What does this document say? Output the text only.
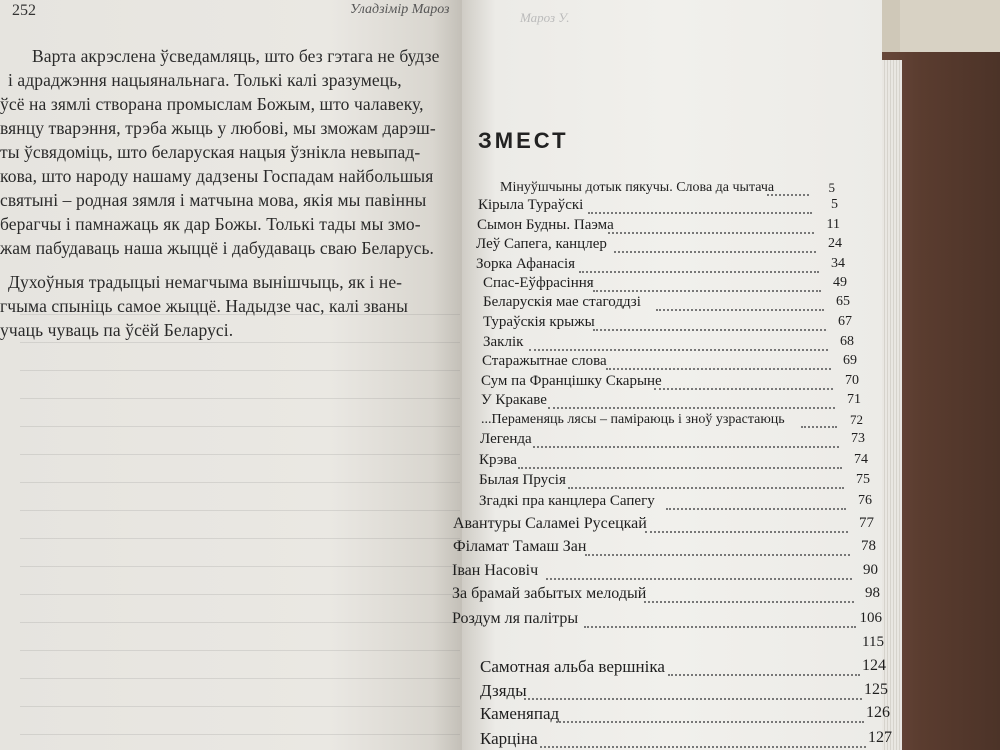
252	Уладзімір Мароз
Варта акрэслена ўсведамляць, што без гэтага не будзе
і адраджэння нацыянальнага. Толькі калі зразумець,
ўсё на зямлі створана промыслам Божым, што чалавеку,
вянцу тварэння, трэба жыць у любові, мы зможам дарэш-
ты ўсвядоміць, што беларуская нацыя ўзнікла невыпад-
кова, што народу нашаму дадзены Госпадам найбольшыя
святыні – родная зямля і матчына мова, якія мы павінны
берагчы і памнажаць як дар Божы. Толькі тады мы змо-
жам пабудаваць наша жыццё і дабудаваць сваю Беларусь.
Духоўныя традыцыі немагчыма вынішчыць, як і не-
гчыма спыніць самое жыццё. Надыдзе час, калі званы
учаць чуваць па ўсёй Беларусі.
Мароз У.
ЗМЕСТ
Мінуўшчыны дотык пякучы. Слова да чытача	5
Кірыла Тураўскі	5
Сымон Будны. Паэма	11
Леў Сапега, канцлер	24
Зорка Афанасія	34
Спас-Еўфрасіння	49
Беларускія мае стагоддзі	65
Тураўскія крыжы	67
Заклік	68
Старажытнае слова	69
Сум па Францішку Скарыне	70
У Кракаве	71
...Пераменяць лясы – паміраюць і зноў узрастаюць	72
Легенда	73
Крэва	74
Былая Прусія	75
Згадкі пра канцлера Сапегу	76
Авантуры Саламеі Русецкай	77
Філамат Тамаш Зан	78
Іван Насовіч	90
За брамай забытых мелодый	98
Роздум ля палітры	106
115
Самотная альба вершніка	124
Дзяды	125
Каменяпад	126
Карціна	127
